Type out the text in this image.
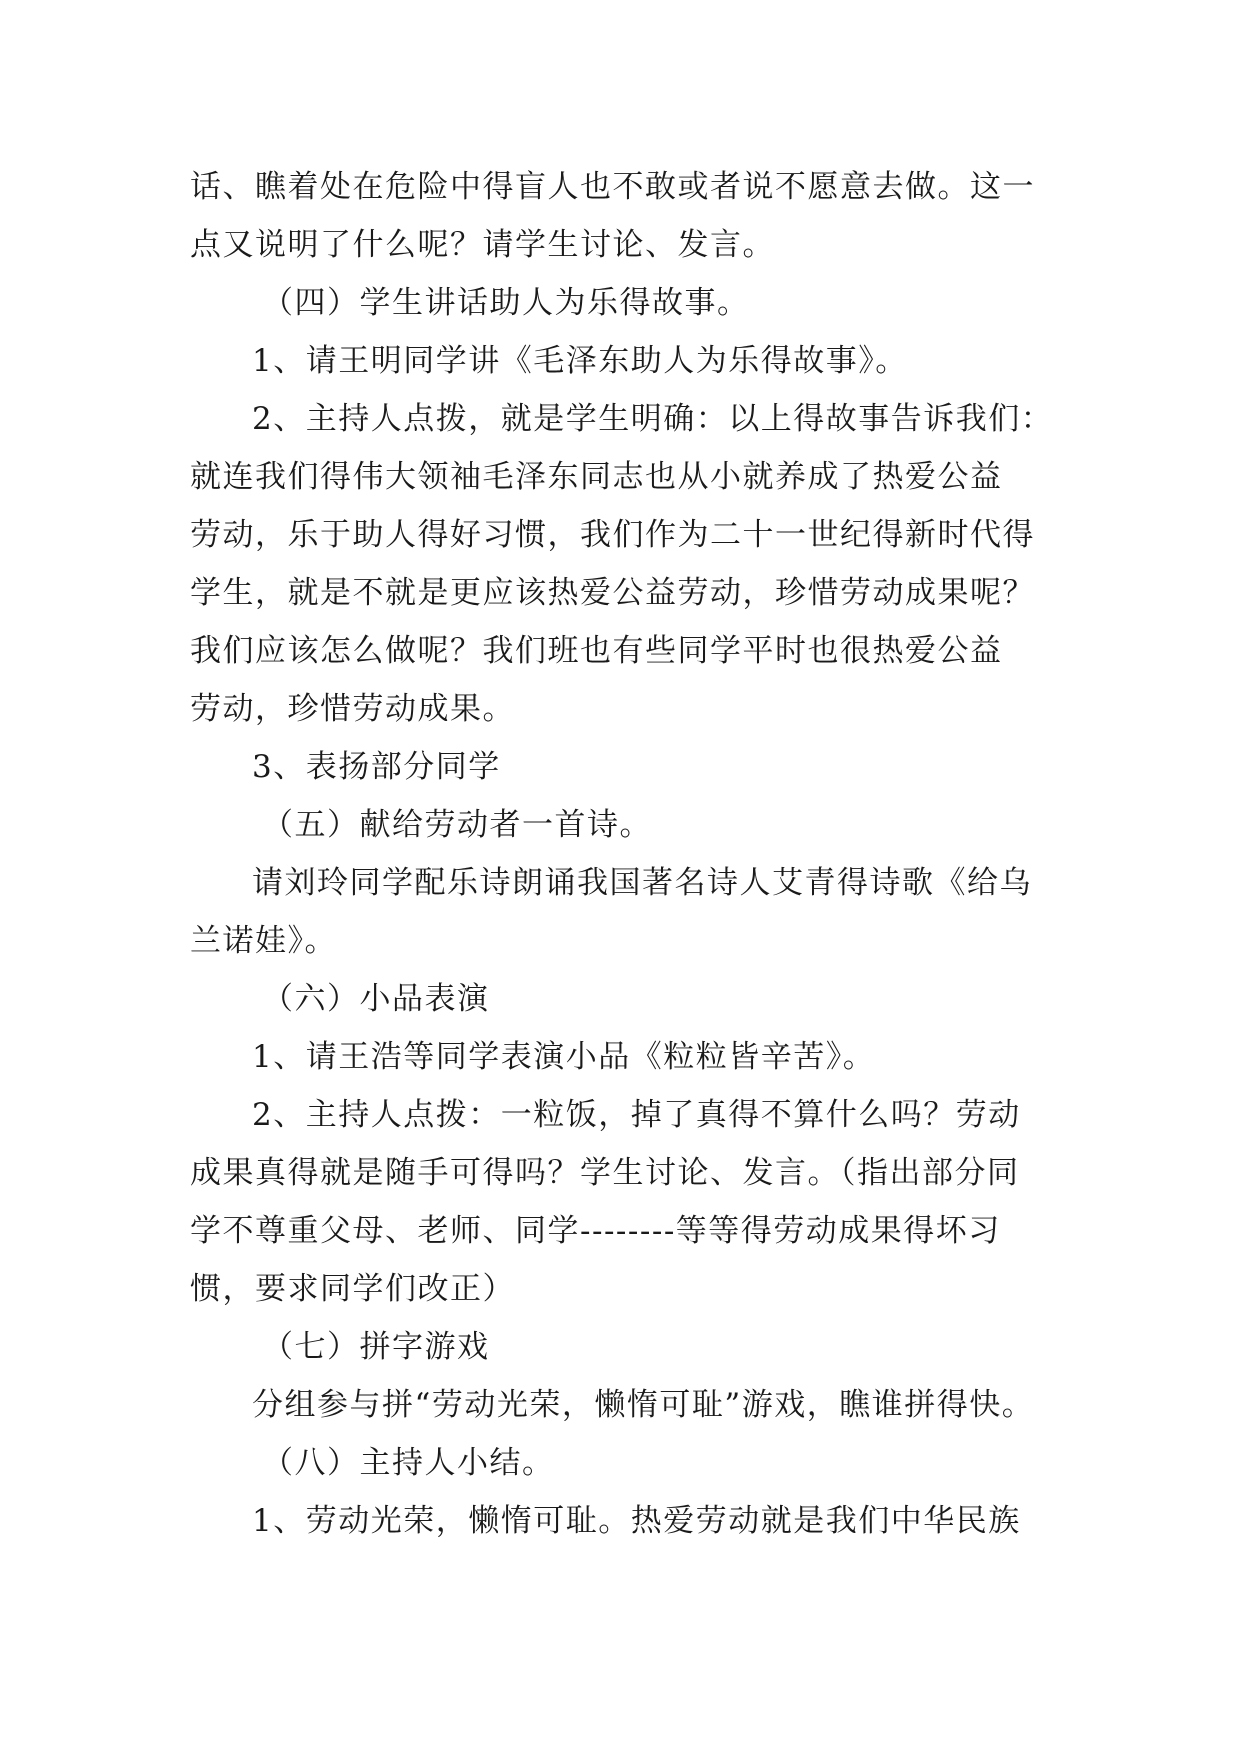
话、瞧着处在危险中得盲人也不敢或者说不愿意去做。这一
点又说明了什么呢？请学生讨论、发言。
（四）学生讲话助人为乐得故事。
1、请王明同学讲《毛泽东助人为乐得故事》。
2、主持人点拨，就是学生明确：以上得故事告诉我们：
就连我们得伟大领袖毛泽东同志也从小就养成了热爱公益
劳动，乐于助人得好习惯，我们作为二十一世纪得新时代得
学生，就是不就是更应该热爱公益劳动，珍惜劳动成果呢？
我们应该怎么做呢？我们班也有些同学平时也很热爱公益
劳动，珍惜劳动成果。
3、表扬部分同学
（五）献给劳动者一首诗。
请刘玲同学配乐诗朗诵我国著名诗人艾青得诗歌《给乌
兰诺娃》。
（六）小品表演
1、请王浩等同学表演小品《粒粒皆辛苦》。
2、主持人点拨：一粒饭，掉了真得不算什么吗？劳动
成果真得就是随手可得吗？学生讨论、发言。（指出部分同
学不尊重父母、老师、同学--------等等得劳动成果得坏习
惯，要求同学们改正）
（七）拼字游戏
分组参与拼“劳动光荣，懒惰可耻”游戏，瞧谁拼得快。
（八）主持人小结。
1、劳动光荣，懒惰可耻。热爱劳动就是我们中华民族
